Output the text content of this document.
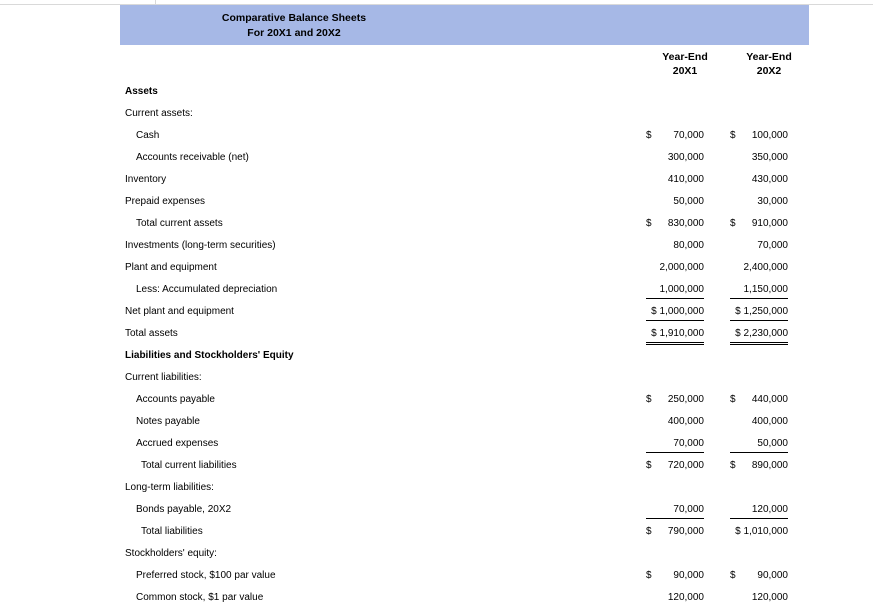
Comparative Balance Sheets
For 20X1 and 20X2
Year-End
20X1
Year-End
20X2
Assets
Current assets:
Cash	$ 70,000	$ 100,000
Accounts receivable (net)	300,000	350,000
Inventory	410,000	430,000
Prepaid expenses	50,000	30,000
Total current assets	$ 830,000	$ 910,000
Investments (long-term securities)	80,000	70,000
Plant and equipment	2,000,000	2,400,000
Less: Accumulated depreciation	1,000,000	1,150,000
Net plant and equipment	$ 1,000,000	$ 1,250,000
Total assets	$ 1,910,000	$ 2,230,000
Liabilities and Stockholders' Equity
Current liabilities:
Accounts payable	$ 250,000	$ 440,000
Notes payable	400,000	400,000
Accrued expenses	70,000	50,000
Total current liabilities	$ 720,000	$ 890,000
Long-term liabilities:
Bonds payable, 20X2	70,000	120,000
Total liabilities	$ 790,000	$ 1,010,000
Stockholders' equity:
Preferred stock, $100 par value	$ 90,000	$ 90,000
Common stock, $1 par value	120,000	120,000
